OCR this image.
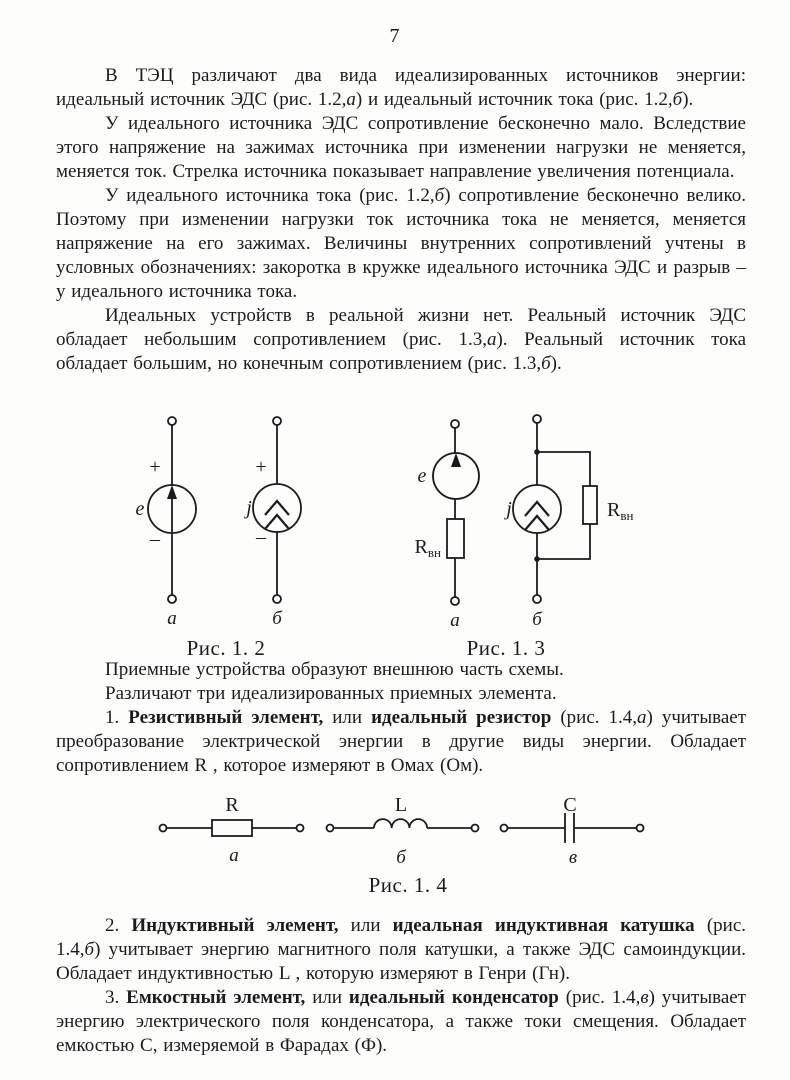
7

В ТЭЦ различают два вида идеализированных источников энергии: идеальный источник ЭДС (рис. 1.2,а) и идеальный источник тока (рис. 1.2,б).

У идеального источника ЭДС сопротивление бесконечно мало. Вследствие этого напряжение на зажимах источника при изменении нагрузки не меняется, меняется ток. Стрелка источника показывает направление увеличения потенциала.

У идеального источника тока (рис. 1.2,б) сопротивление бесконечно велико. Поэтому при изменении нагрузки ток источника тока не меняется, меняется напряжение на его зажимах. Величины внутренних сопротивлений учтены в условных обозначениях: закоротка в кружке идеального источника ЭДС и разрыв – у идеального источника тока.

Идеальных устройств в реальной жизни нет. Реальный источник ЭДС обладает небольшим сопротивлением (рис. 1.3,а). Реальный источник тока обладает большим, но конечным сопротивлением (рис. 1.3,б).

+
e
–
а
+
j
–
б
Рис. 1. 2
e
$R_{вн}$
а
j	$R_{вн}$
б
Рис. 1. 3

Приемные устройства образуют внешнюю часть схемы.

Различают три идеализированных приемных элемента.

1. Резистивный элемент, или идеальный резистор (рис. 1.4,а) учитывает преобразование электрической энергии в другие виды энергии. Обладает сопротивлением R , которое измеряют в Омах (Ом).

R
а
L
б
C
в
Рис. 1. 4

2. Индуктивный элемент, или идеальная индуктивная катушка (рис. 1.4,б) учитывает энергию магнитного поля катушки, а также ЭДС самоиндукции. Обладает индуктивностью L , которую измеряют в Генри (Гн).

3. Емкостный элемент, или идеальный конденсатор (рис. 1.4,в) учитывает энергию электрического поля конденсатора, а также токи смещения. Обладает емкостью С, измеряемой в Фарадах (Ф).
